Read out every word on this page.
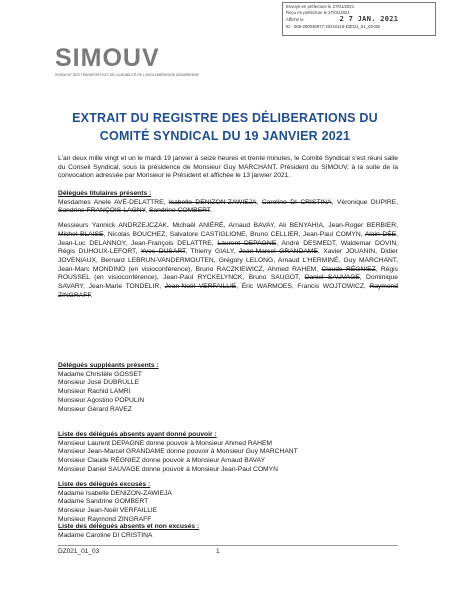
Envoyé en préfecture le 27/01/2021
Reçu en préfecture le 27/01/2021
Affiché le	2 7 JAN. 2021
ID : 069-200046977-20210119-DZ021_01_03-DE
SIMOUV
SYNDICAT DES TRANSPORTS ET DE LA MOBILITÉ DE L'AGGLOMÉRATION NAZAIRIENNE
EXTRAIT DU REGISTRE DES DÉLIBERATIONS DU
COMITÉ SYNDICAL DU 19 JANVIER 2021
L'an deux mille vingt et un le mardi 19 janvier à seize heures et trente minutes, le Comité Syndical s'est réuni salle du Conseil Syndical, sous la présidence de Monsieur Guy MARCHANT, Président du SIMOUV, à la suite de la convocation adressée par Monsieur le Président et affichée le 13 janvier 2021.
Délégués titulaires présents :
Mesdames Anele AVÉ-DELATTRE, Isabelle DENIZON-ZAWIEJA, Caroline DI CRISTINA, Véronique DUPIRE, Sandrine FRANÇOIS-LAGNY, Sandrine COMBERT.
Messieurs Yannick ANDRZEJCZAK, Michaël ANIÉRÉ, Arnaud BAVAY, Ali BENYAHIA, Jean-Roger BERBIER, Michel BLAISE, Nicolas BOUCHEZ, Salvatore CASTIGLIONE, Bruno CELLIER, Jean-Paul COMYN, Alain DÉE, Jean-Luc DELANNOY, Jean-François DELATTRE, Laurent DEPAGNE, André DESMEDT, Waldemar DOVIN, Régis DUHOUX-LEFORT, Yves DUSART, Thierry GIALY, Jean-Marcel GRANDAME, Xavier JOUANIN, Didier JOVENIAUX, Bernard LEBRUN-VANDERMOUTEN, Grégory LELONG, Arnaud L'HERMINÉ, Guy MARCHANT, Jean-Marc MONDINO (en visioconférence), Bruno RACZKIEWICZ, Ahmed RAHEM, Claude RÉGNIEZ, Régis ROUSSEL (en visioconférence), Jean-Paul RYCKELYNCK, Bruno SAUGOT, Daniel SAUVAGE, Dominique SAVARY, Jean-Marie TONDELIR, Jean-Noël VERFAILLIE, Éric WARMOES, Francis WOJTOWICZ, Raymond ZINGRAFF.
Délégués suppléants présents :
Madame Christèle GOSSET
Monsieur José DUBRULLE
Monsieur Rachid LAMRI
Monsieur Agostino POPULIN
Monsieur Gérard RAVEZ
Liste des délégués absents ayant donné pouvoir :
Monsieur Laurent DEPAGNE donne pouvoir à Monsieur Ahmed RAHEM
Monsieur Jean-Marcel GRANDAME donne pouvoir à Monsieur Guy MARCHANT
Monsieur Claude RÉGNIEZ donne pouvoir à Monsieur Arnaud BAVAY
Monsieur Daniel SAUVAGE donne pouvoir à Monsieur Jean-Paul COMYN
Liste des délégués excusés :
Madame Isabelle DENIZON-ZAWIEJA
Madame Sandrine GOMBERT
Monsieur Jean-Noël VERFAILLIE
Monsieur Raymond ZINGRAFF
Liste des délégués absents et non excusés :
Madame Caroline DI CRISTINA
DZ021_01_03	1
